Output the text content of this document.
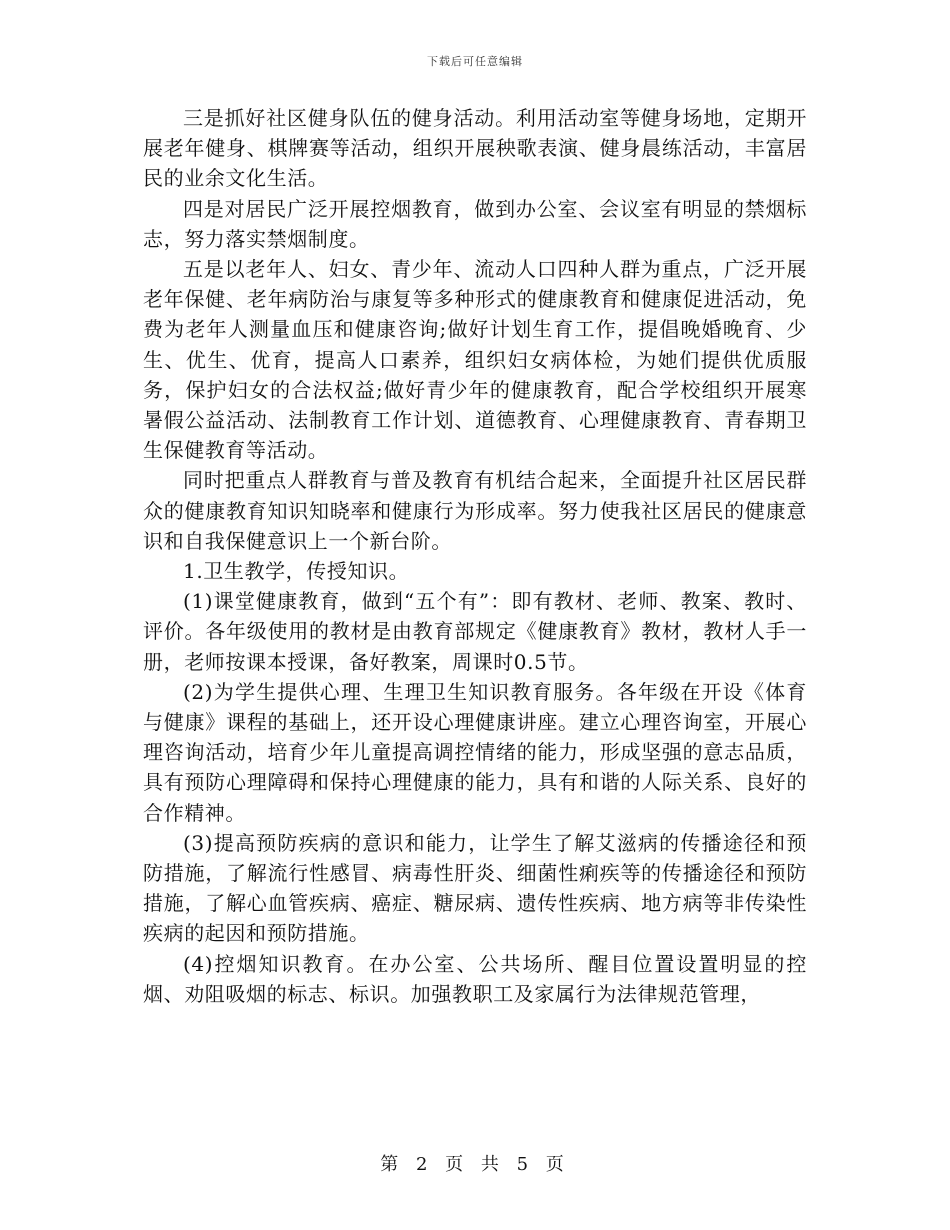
下载后可任意编辑

三是抓好社区健身队伍的健身活动。利用活动室等健身场地，定期开展老年健身、棋牌赛等活动，组织开展秧歌表演、健身晨练活动，丰富居民的业余文化生活。

四是对居民广泛开展控烟教育，做到办公室、会议室有明显的禁烟标志，努力落实禁烟制度。

五是以老年人、妇女、青少年、流动人口四种人群为重点，广泛开展老年保健、老年病防治与康复等多种形式的健康教育和健康促进活动，免费为老年人测量血压和健康咨询;做好计划生育工作，提倡晚婚晚育、少生、优生、优育，提高人口素养，组织妇女病体检，为她们提供优质服务，保护妇女的合法权益;做好青少年的健康教育，配合学校组织开展寒暑假公益活动、法制教育工作计划、道德教育、心理健康教育、青春期卫生保健教育等活动。

同时把重点人群教育与普及教育有机结合起来，全面提升社区居民群众的健康教育知识知晓率和健康行为形成率。努力使我社区居民的健康意识和自我保健意识上一个新台阶。

1.卫生教学，传授知识。

(1)课堂健康教育，做到“五个有”：即有教材、老师、教案、教时、评价。各年级使用的教材是由教育部规定《健康教育》教材，教材人手一册，老师按课本授课，备好教案，周课时0.5节。

(2)为学生提供心理、生理卫生知识教育服务。各年级在开设《体育与健康》课程的基础上，还开设心理健康讲座。建立心理咨询室，开展心理咨询活动，培育少年儿童提高调控情绪的能力，形成坚强的意志品质，具有预防心理障碍和保持心理健康的能力，具有和谐的人际关系、良好的合作精神。

(3)提高预防疾病的意识和能力，让学生了解艾滋病的传播途径和预防措施，了解流行性感冒、病毒性肝炎、细菌性痢疾等的传播途径和预防措施，了解心血管疾病、癌症、糖尿病、遗传性疾病、地方病等非传染性疾病的起因和预防措施。

(4)控烟知识教育。在办公室、公共场所、醒目位置设置明显的控烟、劝阻吸烟的标志、标识。加强教职工及家属行为法律规范管理，

第 2 页 共 5 页
